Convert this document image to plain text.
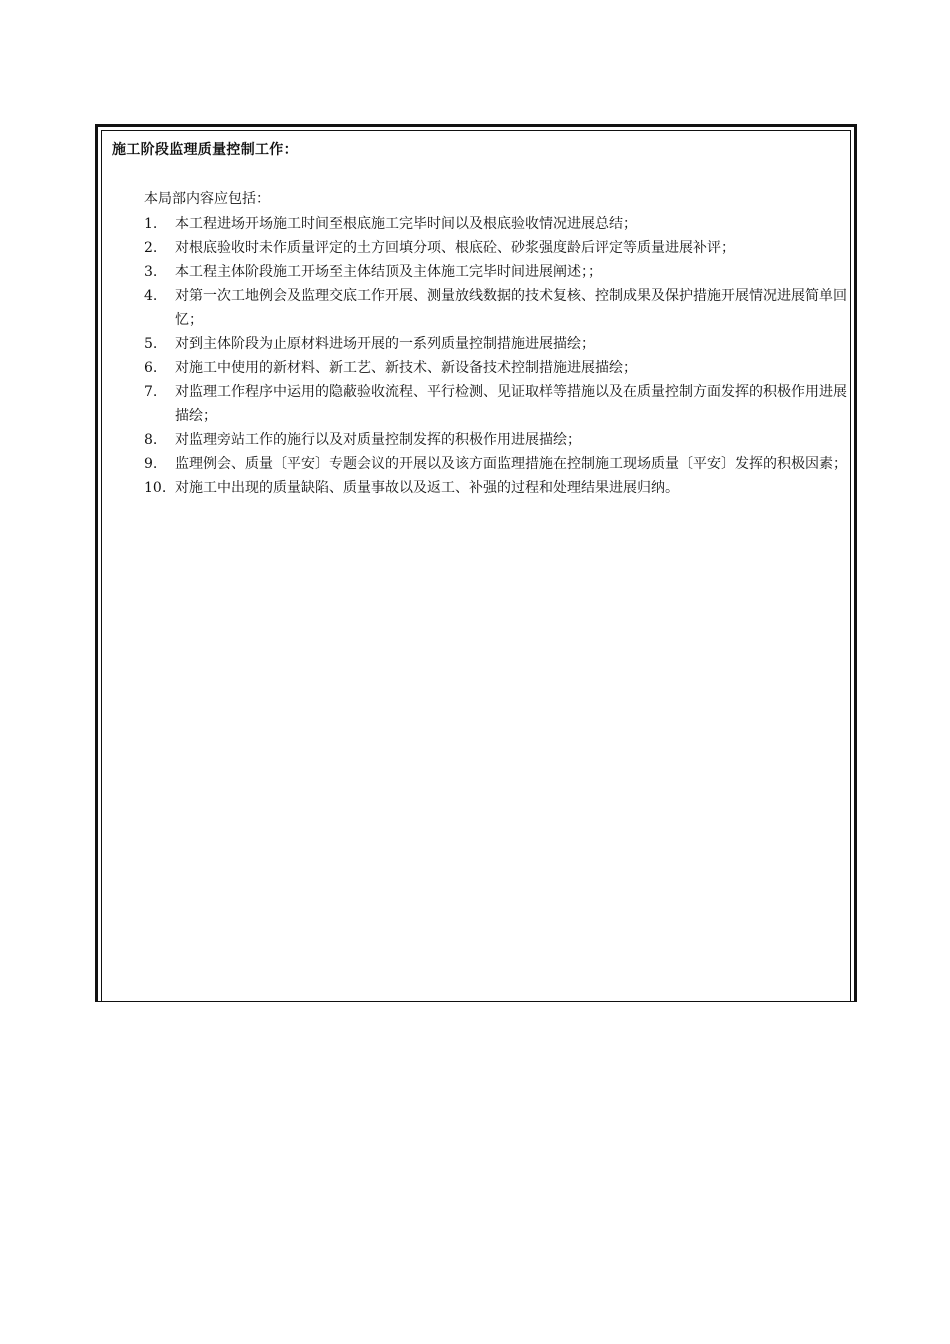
施工阶段监理质量控制工作：
本局部内容应包括：
1. 本工程进场开场施工时间至根底施工完毕时间以及根底验收情况进展总结；
2. 对根底验收时未作质量评定的土方回填分项、根底砼、砂浆强度龄后评定等质量进展补评；
3. 本工程主体阶段施工开场至主体结顶及主体施工完毕时间进展阐述；；
4. 对第一次工地例会及监理交底工作开展、测量放线数据的技术复核、控制成果及保护措施开展情况进展简单回忆；
5. 对到主体阶段为止原材料进场开展的一系列质量控制措施进展描绘；
6. 对施工中使用的新材料、新工艺、新技术、新设备技术控制措施进展描绘；
7. 对监理工作程序中运用的隐蔽验收流程、平行检测、见证取样等措施以及在质量控制方面发挥的积极作用进展描绘；
8. 对监理旁站工作的施行以及对质量控制发挥的积极作用进展描绘；
9. 监理例会、质量〔平安〕专题会议的开展以及该方面监理措施在控制施工现场质量〔平安〕发挥的积极因素；
10. 对施工中出现的质量缺陷、质量事故以及返工、补强的过程和处理结果进展归纳。
